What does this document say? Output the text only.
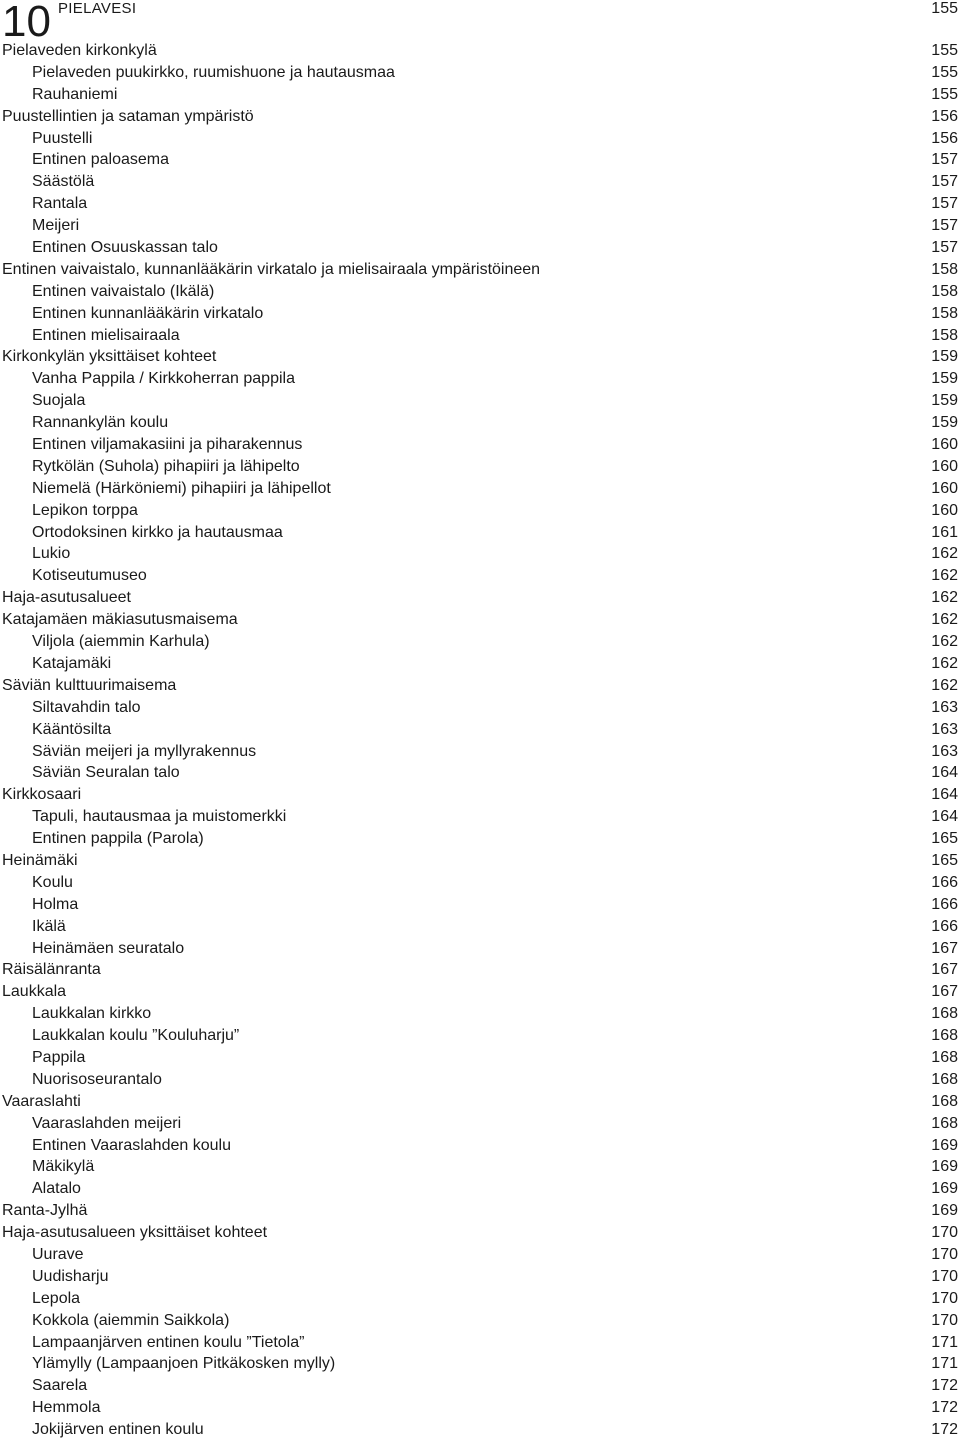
10 PIELAVESI	155
Pielaveden kirkonkylä	155
Pielaveden puukirkko, ruumishuone ja hautausmaa	155
Rauhaniemi	155
Puustellintien ja sataman ympäristö	156
Puustelli	156
Entinen paloasema	157
Säästölä	157
Rantala	157
Meijeri	157
Entinen Osuuskassan talo	157
Entinen vaivaistalo, kunnanlääkärin virkatalo ja mielisairaala ympäristöineen	158
Entinen vaivaistalo (Ikälä)	158
Entinen kunnanlääkärin virkatalo	158
Entinen mielisairaala	158
Kirkonkylän yksittäiset kohteet	159
Vanha Pappila / Kirkkoherran pappila	159
Suojala	159
Rannankylän koulu	159
Entinen viljamakasiini ja piharakennus	160
Rytkölän (Suhola) pihapiiri ja lähipelto	160
Niemelä (Härköniemi) pihapiiri ja lähipellot	160
Lepikon torppa	160
Ortodoksinen kirkko ja hautausmaa	161
Lukio	162
Kotiseutumuseo	162
Haja-asutusalueet	162
Katajamäen mäkiasutusmaisema	162
Viljola (aiemmin Karhula)	162
Katajamäki	162
Säviän kulttuurimaisema	162
Siltavahdin talo	163
Kääntösilta	163
Säviän meijeri ja myllyrakennus	163
Säviän Seuralan talo	164
Kirkkosaari	164
Tapuli, hautausmaa ja muistomerkki	164
Entinen pappila (Parola)	165
Heinämäki	165
Koulu	166
Holma	166
Ikälä	166
Heinämäen seuratalo	167
Räisälänranta	167
Laukkala	167
Laukkalan kirkko	168
Laukkalan koulu ”Kouluharju”	168
Pappila	168
Nuorisoseurantalo	168
Vaaraslahti	168
Vaaraslahden meijeri	168
Entinen Vaaraslahden koulu	169
Mäkikylä	169
Alatalo	169
Ranta-Jylhä	169
Haja-asutusalueen yksittäiset kohteet	170
Uurave	170
Uudisharju	170
Lepola	170
Kokkola (aiemmin Saikkola)	170
Lampaanjärven entinen koulu ”Tietola”	171
Ylämylly (Lampaanjoen Pitkäkosken mylly)	171
Saarela	172
Hemmola	172
Jokijärven entinen koulu	172
